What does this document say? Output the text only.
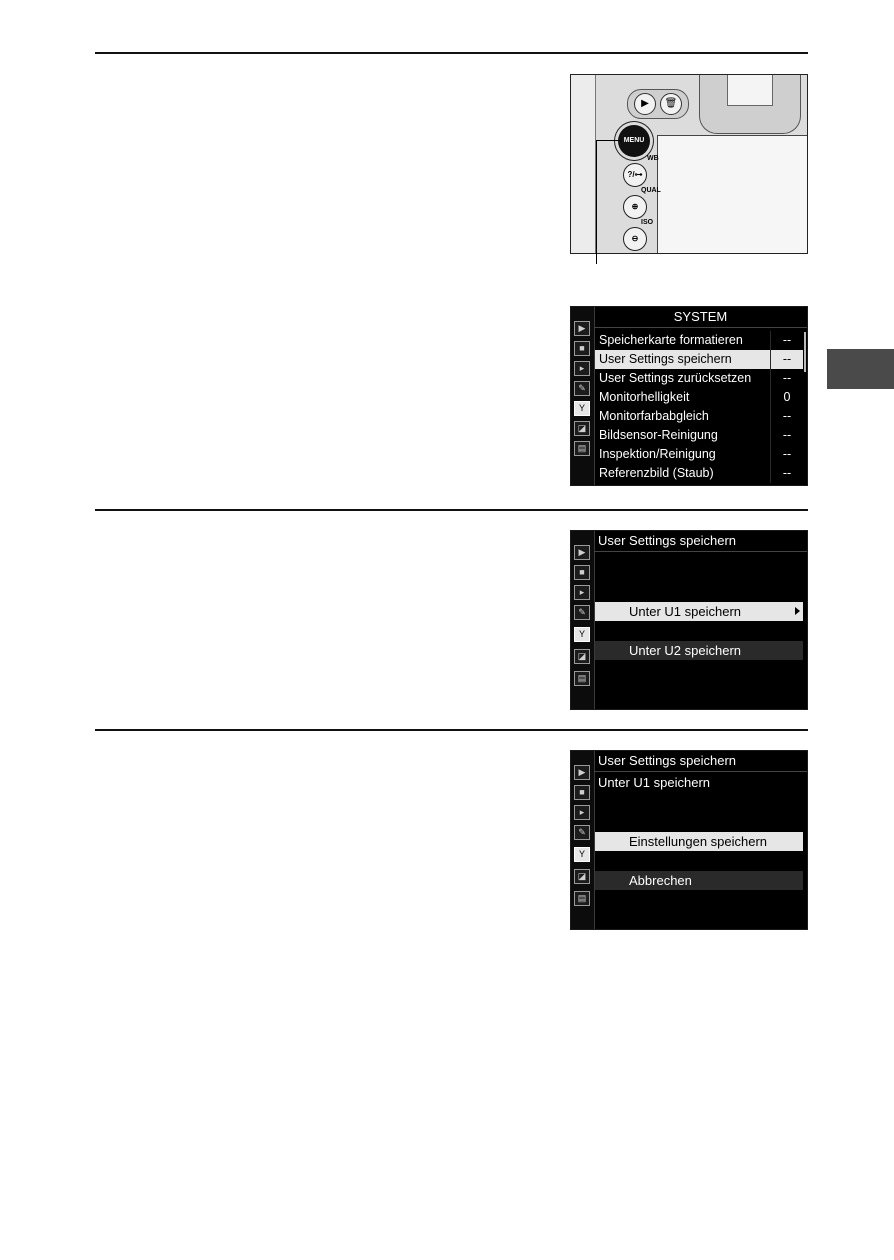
▶	🗑
MENU
WB
?/⊶
QUAL
⊕
ISO
⊖
▶
■
▸
✎
Y
◪
▤
SYSTEM
Speicherkarte formatieren	--
User Settings speichern	--
User Settings zurücksetzen	--
Monitorhelligkeit	0
Monitorfarbabgleich	--
Bildsensor-Reinigung	--
Inspektion/Reinigung	--
Referenzbild (Staub)	--
▶
■
▸
✎
Y
◪
▤
User Settings speichern
Unter U1 speichern
Unter U2 speichern
▶
■
▸
✎
Y
◪
▤
User Settings speichern
Unter U1 speichern
Einstellungen speichern
Abbrechen
